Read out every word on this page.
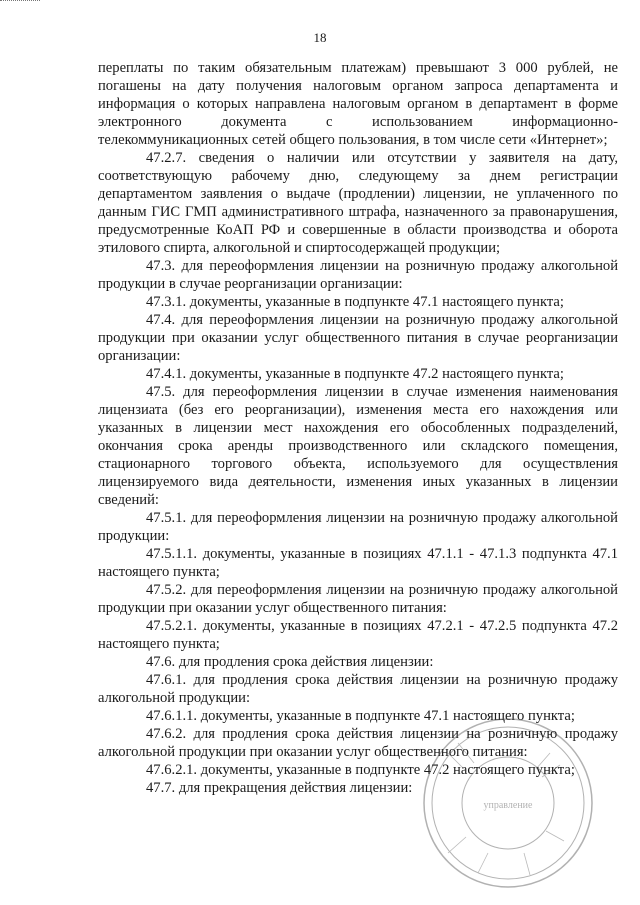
18

переплаты по таким обязательным платежам) превышают 3 000 рублей, не погашены на дату получения налоговым органом запроса департамента и информация о которых направлена налоговым органом в департамент в форме электронного документа с использованием информационно-телекоммуникационных сетей общего пользования, в том числе сети «Интернет»;

47.2.7. сведения о наличии или отсутствии у заявителя на дату, соответствующую рабочему дню, следующему за днем регистрации департаментом заявления о выдаче (продлении) лицензии, не уплаченного по данным ГИС ГМП административного штрафа, назначенного за правонарушения, предусмотренные КоАП РФ и совершенные в области производства и оборота этилового спирта, алкогольной и спиртосодержащей продукции;

47.3. для переоформления лицензии на розничную продажу алкогольной продукции в случае реорганизации организации:

47.3.1. документы, указанные в подпункте 47.1 настоящего пункта;

47.4. для переоформления лицензии на розничную продажу алкогольной продукции при оказании услуг общественного питания в случае реорганизации организации:

47.4.1. документы, указанные в подпункте 47.2 настоящего пункта;

47.5. для переоформления лицензии в случае изменения наименования лицензиата (без его реорганизации), изменения места его нахождения или указанных в лицензии мест нахождения его обособленных подразделений, окончания срока аренды производственного или складского помещения, стационарного торгового объекта, используемого для осуществления лицензируемого вида деятельности, изменения иных указанных в лицензии сведений:

47.5.1. для переоформления лицензии на розничную продажу алкогольной продукции:

47.5.1.1. документы, указанные в позициях 47.1.1 - 47.1.3 подпункта 47.1 настоящего пункта;

47.5.2. для переоформления лицензии на розничную продажу алкогольной продукции при оказании услуг общественного питания:

47.5.2.1. документы, указанные в позициях 47.2.1 - 47.2.5 подпункта 47.2 настоящего пункта;

47.6. для продления срока действия лицензии:

47.6.1. для продления срока действия лицензии на розничную продажу алкогольной продукции:

47.6.1.1. документы, указанные в подпункте 47.1 настоящего пункта;

47.6.2. для продления срока действия лицензии на розничную продажу алкогольной продукции при оказании услуг общественного питания:

47.6.2.1. документы, указанные в подпункте 47.2 настоящего пункта;

47.7. для прекращения действия лицензии:

управление
